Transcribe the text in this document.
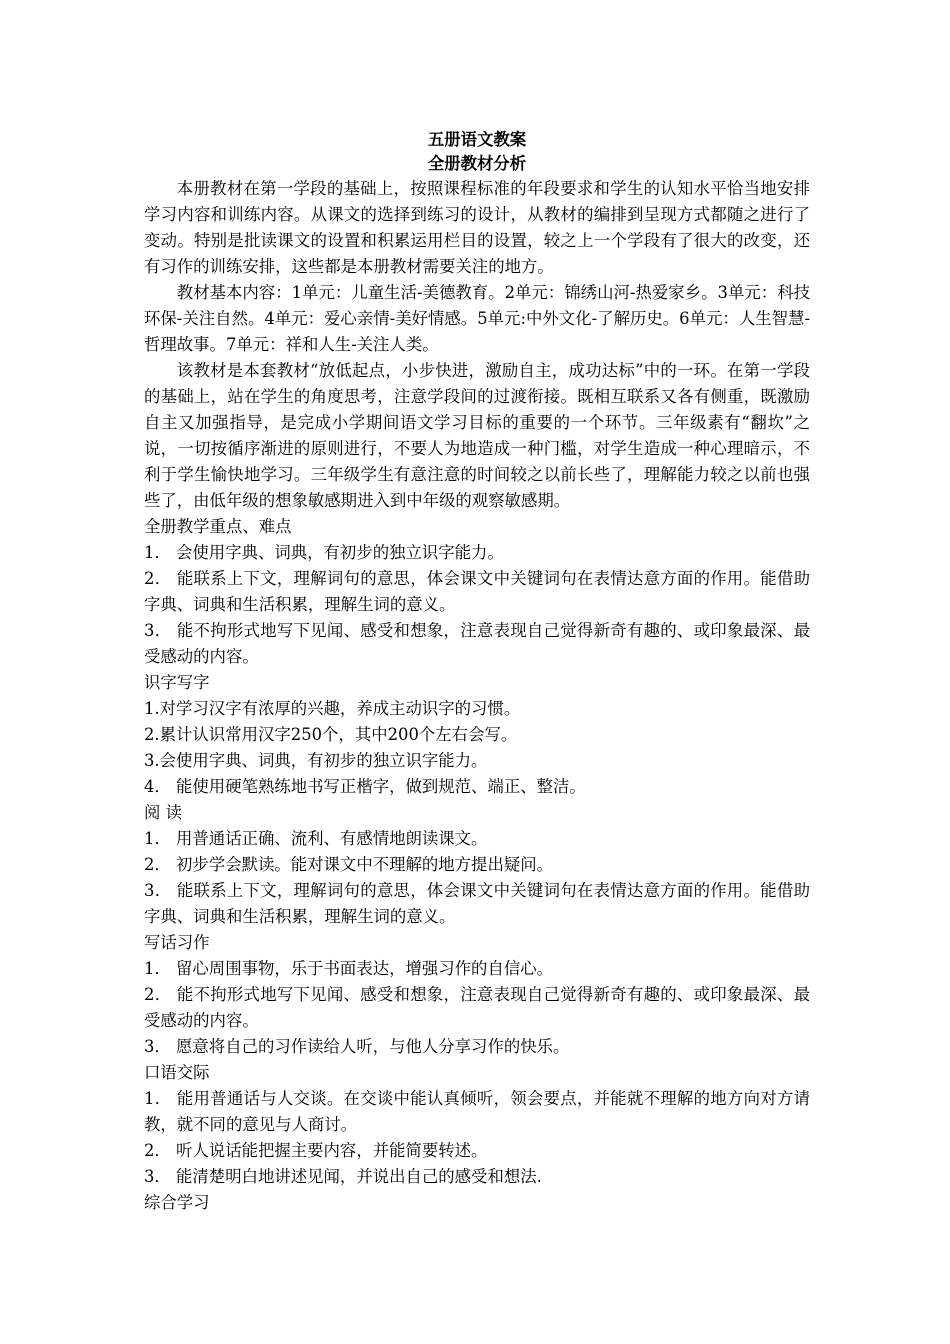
五册语文教案

全册教材分析

本册教材在第一学段的基础上，按照课程标准的年段要求和学生的认知水平恰当地安排学习内容和训练内容。从课文的选择到练习的设计，从教材的编排到呈现方式都随之进行了变动。特别是批读课文的设置和积累运用栏目的设置，较之上一个学段有了很大的改变，还有习作的训练安排，这些都是本册教材需要关注的地方。

教材基本内容：1单元：儿童生活-美德教育。2单元：锦绣山河-热爱家乡。3单元：科技环保-关注自然。4单元：爱心亲情-美好情感。5单元:中外文化-了解历史。6单元：人生智慧-哲理故事。7单元：祥和人生-关注人类。

该教材是本套教材“放低起点，小步快进，激励自主，成功达标”中的一环。在第一学段的基础上，站在学生的角度思考，注意学段间的过渡衔接。既相互联系又各有侧重，既激励自主又加强指导，是完成小学期间语文学习目标的重要的一个环节。三年级素有“翻坎”之说，一切按循序渐进的原则进行，不要人为地造成一种门槛，对学生造成一种心理暗示，不利于学生愉快地学习。三年级学生有意注意的时间较之以前长些了，理解能力较之以前也强些了，由低年级的想象敏感期进入到中年级的观察敏感期。

全册教学重点、难点

1． 会使用字典、词典，有初步的独立识字能力。

2． 能联系上下文，理解词句的意思，体会课文中关键词句在表情达意方面的作用。能借助字典、词典和生活积累，理解生词的意义。

3． 能不拘形式地写下见闻、感受和想象，注意表现自己觉得新奇有趣的、或印象最深、最受感动的内容。

识字写字

1.对学习汉字有浓厚的兴趣，养成主动识字的习惯。

2.累计认识常用汉字250个，其中200个左右会写。

3.会使用字典、词典，有初步的独立识字能力。

4． 能使用硬笔熟练地书写正楷字，做到规范、端正、整洁。

阅 读

1． 用普通话正确、流利、有感情地朗读课文。

2． 初步学会默读。能对课文中不理解的地方提出疑问。

3． 能联系上下文，理解词句的意思，体会课文中关键词句在表情达意方面的作用。能借助字典、词典和生活积累，理解生词的意义。

写话习作

1． 留心周围事物，乐于书面表达，增强习作的自信心。

2． 能不拘形式地写下见闻、感受和想象，注意表现自己觉得新奇有趣的、或印象最深、最受感动的内容。

3． 愿意将自己的习作读给人听，与他人分享习作的快乐。

口语交际

1． 能用普通话与人交谈。在交谈中能认真倾听，领会要点，并能就不理解的地方向对方请教，就不同的意见与人商讨。

2． 听人说话能把握主要内容，并能简要转述。

3． 能清楚明白地讲述见闻，并说出自己的感受和想法.

综合学习
